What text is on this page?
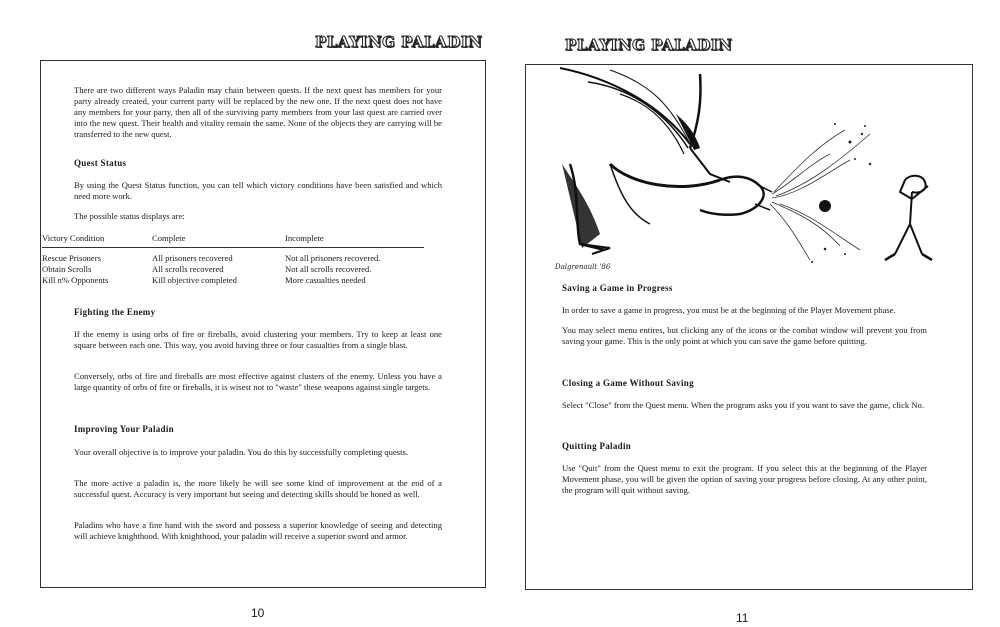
PLAYING PALADIN
There are two different ways Paladin may chain between quests. If the next quest has members for your party already created, your current party will be replaced by the new one. If the next quest does not have any members for your party, then all of the surviving party members from your last quest are carried over into the new quest. Their health and vitality remain the same. None of the objects they are carrying will be transferred to the new quest.
Quest Status
By using the Quest Status function, you can tell which victory conditions have been satisfied and which need more work.
The possible status displays are:
Victory Condition	Complete	Incomplete
Rescue Prisoners	All prisoners recovered	Not all prisoners recovered.
Obtain Scrolls	All scrolls recovered	Not all scrolls recovered.
Kill n% Opponents	Kill objective completed	More casualties needed
Fighting the Enemy
If the enemy is using orbs of fire or fireballs, avoid clustering your members. Try to keep at least one square between each one. This way, you avoid having three or four casualties from a single blast.
Conversely, orbs of fire and fireballs are most effective against clusters of the enemy. Unless you have a large quantity of orbs of fire or fireballs, it is wisest not to "waste" these weapons against single targets.
Improving Your Paladin
Your overall objective is to improve your paladin. You do this by successfully completing quests.
The more active a paladin is, the more likely he will see some kind of improvement at the end of a successful quest. Accuracy is very important but seeing and detecting skills should be honed as well.
Paladins who have a fine hand with the sword and possess a superior knowledge of seeing and detecting will achieve knighthood. With knighthood, your paladin will receive a superior sword and armor.
10
PLAYING PALADIN
Dalgrenault '86
Saving a Game in Progress
In order to save a game in progress, you must be at the beginning of the Player Movement phase.
You may select menu entires, but clicking any of the icons or the combat window will prevent you from saving your game. This is the only point at which you can save the game before quitting.
Closing a Game Without Saving
Select "Close" from the Quest menu. When the program asks you if you want to save the game, click No.
Quitting Paladin
Use "Quit" from the Quest menu to exit the program. If you select this at the beginning of the Player Movement phase, you will be given the option of saving your progress before closing. At any other point, the program will quit without saving.
11
